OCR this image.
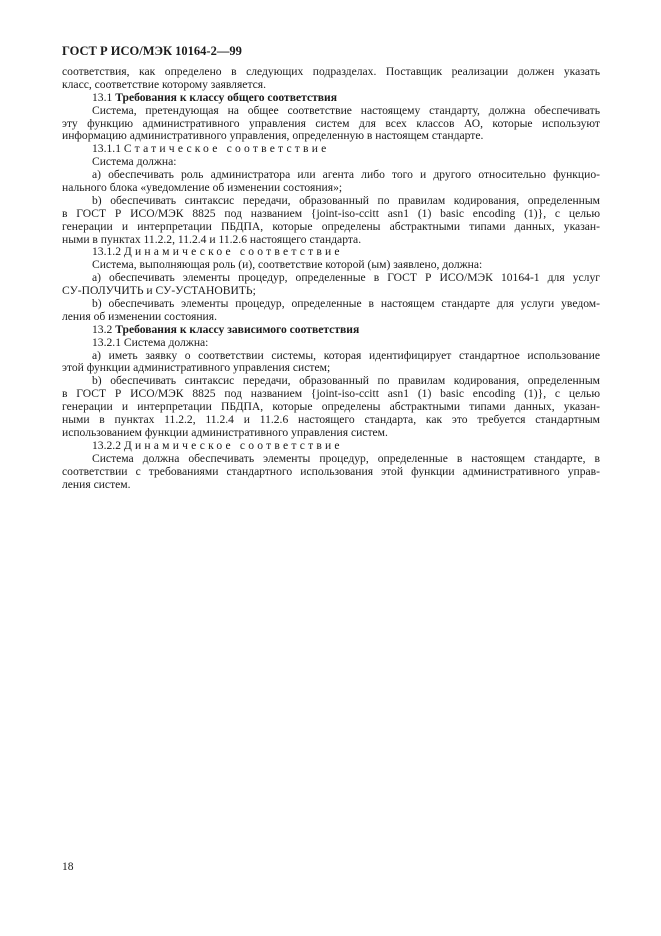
ГОСТ Р ИСО/МЭК 10164-2—99
соответствия, как определено в следующих подразделах. Поставщик реализации должен указать
класс, соответствие которому заявляется.
13.1 Требования к классу общего соответствия
Система, претендующая на общее соответствие настоящему стандарту, должна обеспечивать
эту функцию административного управления систем для всех классов АО, которые используют
информацию административного управления, определенную в настоящем стандарте.
13.1.1 Статическое соответствие
Система должна:
a) обеспечивать роль администратора или агента либо того и другого относительно функцио-
нального блока «уведомление об изменении состояния»;
b) обеспечивать синтаксис передачи, образованный по правилам кодирования, определенным
в ГОСТ Р ИСО/МЭК 8825 под названием {joint-iso-ccitt asn1 (1) basic encoding (1)}, с целью
генерации и интерпретации ПБДПА, которые определены абстрактными типами данных, указан-
ными в пунктах 11.2.2, 11.2.4 и 11.2.6 настоящего стандарта.
13.1.2 Динамическое соответствие
Система, выполняющая роль (и), соответствие которой (ым) заявлено, должна:
a) обеспечивать элементы процедур, определенные в ГОСТ Р ИСО/МЭК 10164-1 для услуг
СУ-ПОЛУЧИТЬ и СУ-УСТАНОВИТЬ;
b) обеспечивать элементы процедур, определенные в настоящем стандарте для услуги уведом-
ления об изменении состояния.
13.2 Требования к классу зависимого соответствия
13.2.1 Система должна:
a) иметь заявку о соответствии системы, которая идентифицирует стандартное использование
этой функции административного управления систем;
b) обеспечивать синтаксис передачи, образованный по правилам кодирования, определенным
в ГОСТ Р ИСО/МЭК 8825 под названием {joint-iso-ccitt asn1 (1) basic encoding (1)}, с целью
генерации и интерпретации ПБДПА, которые определены абстрактными типами данных, указан-
ными в пунктах 11.2.2, 11.2.4 и 11.2.6 настоящего стандарта, как это требуется стандартным
использованием функции административного управления систем.
13.2.2 Динамическое соответствие
Система должна обеспечивать элементы процедур, определенные в настоящем стандарте, в
соответствии с требованиями стандартного использования этой функции административного управ-
ления систем.
18
